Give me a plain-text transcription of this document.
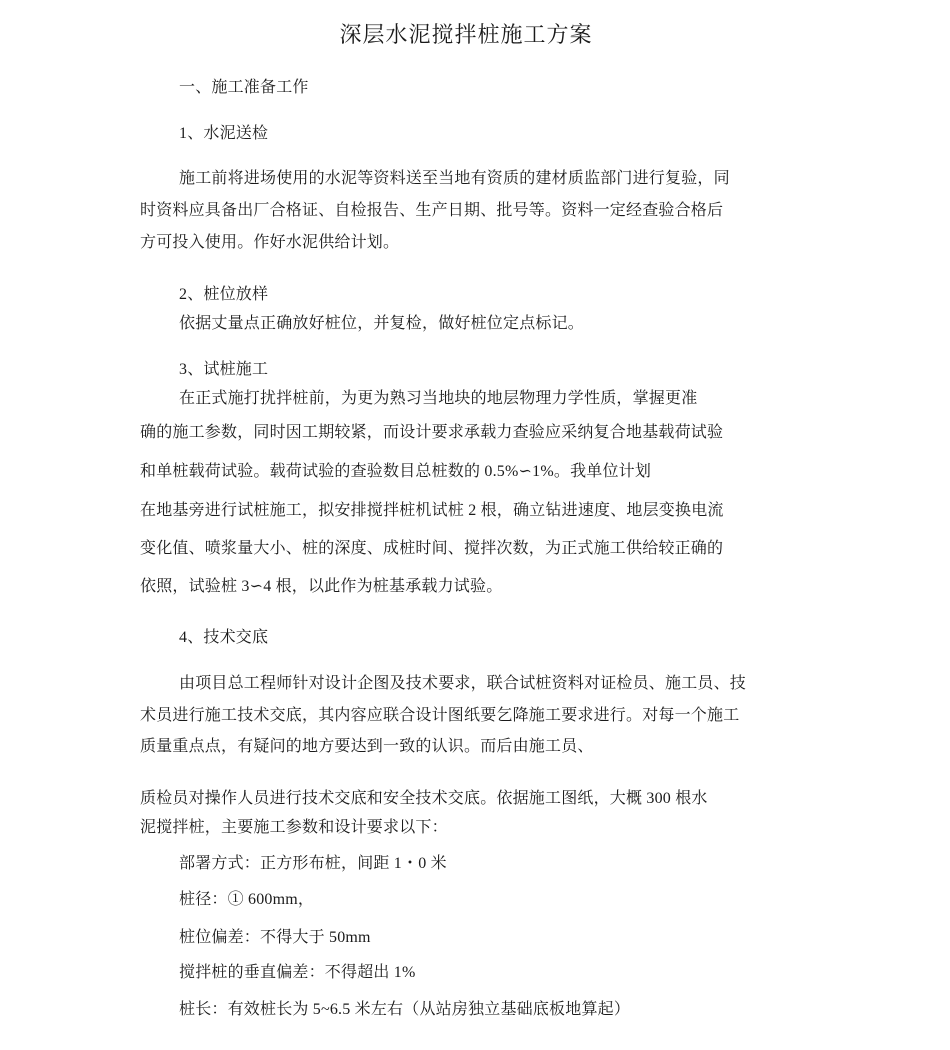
深层水泥搅拌桩施工方案
一、施工准备工作
1、水泥送检
施工前将进场使用的水泥等资料送至当地有资质的建材质监部门进行复验，同
时资料应具备出厂合格证、自检报告、生产日期、批号等。资料一定经查验合格后
方可投入使用。作好水泥供给计划。
2、桩位放样
依据丈量点正确放好桩位，并复检，做好桩位定点标记。
3、试桩施工
在正式施打扰拌桩前，为更为熟习当地块的地层物理力学性质，掌握更准
确的施工参数，同时因工期较紧，而设计要求承载力查验应采纳复合地基载荷试验
和单桩载荷试验。载荷试验的查验数目总桩数的 0.5%∽1%。我单位计划
在地基旁进行试桩施工，拟安排搅拌桩机试桩 2 根，确立钻进速度、地层变换电流
变化值、喷浆量大小、桩的深度、成桩时间、搅拌次数，为正式施工供给较正确的
依照，试验桩 3∽4 根，以此作为桩基承载力试验。
4、技术交底
由项目总工程师针对设计企图及技术要求，联合试桩资料对证检员、施工员、技
术员进行施工技术交底，其内容应联合设计图纸要乞降施工要求进行。对每一个施工
质量重点点，有疑问的地方要达到一致的认识。而后由施工员、
质检员对操作人员进行技术交底和安全技术交底。依据施工图纸，大概 300 根水
泥搅拌桩，主要施工参数和设计要求以下：
部署方式：正方形布桩，间距 1・0 米
桩径：① 600mm，
桩位偏差：不得大于 50mm
搅拌桩的垂直偏差：不得超出 1%
桩长：有效桩长为 5~6.5 米左右（从站房独立基础底板地算起）
